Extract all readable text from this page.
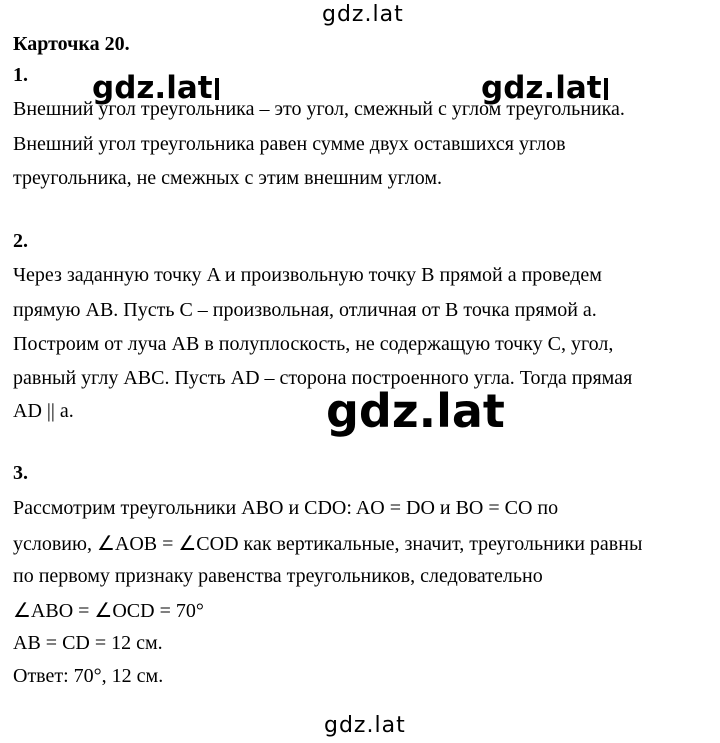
gdz.lat
gdz.lat	gdz.lat
gdz.lat
gdz.lat
Карточка 20.
1.
Внешний угол треугольника – это угол, смежный с углом треугольника.
Внешний угол треугольника равен сумме двух оставшихся углов
треугольника, не смежных с этим внешним углом.
2.
Через заданную точку A и произвольную точку B прямой a проведем
прямую AB. Пусть C – произвольная, отличная от B точка прямой a.
Построим от луча AB в полуплоскость, не содержащую точку C, угол,
равный углу ABC. Пусть AD – сторона построенного угла. Тогда прямая
AD || a.
3.
Рассмотрим треугольники ABO и CDO: AO = DO и BO = CO по
условию, ∠AOB = ∠COD как вертикальные, значит, треугольники равны
по первому признаку равенства треугольников, следовательно
∠ABO = ∠OCD = 70°
AB = CD = 12 см.
Ответ: 70°, 12 см.
